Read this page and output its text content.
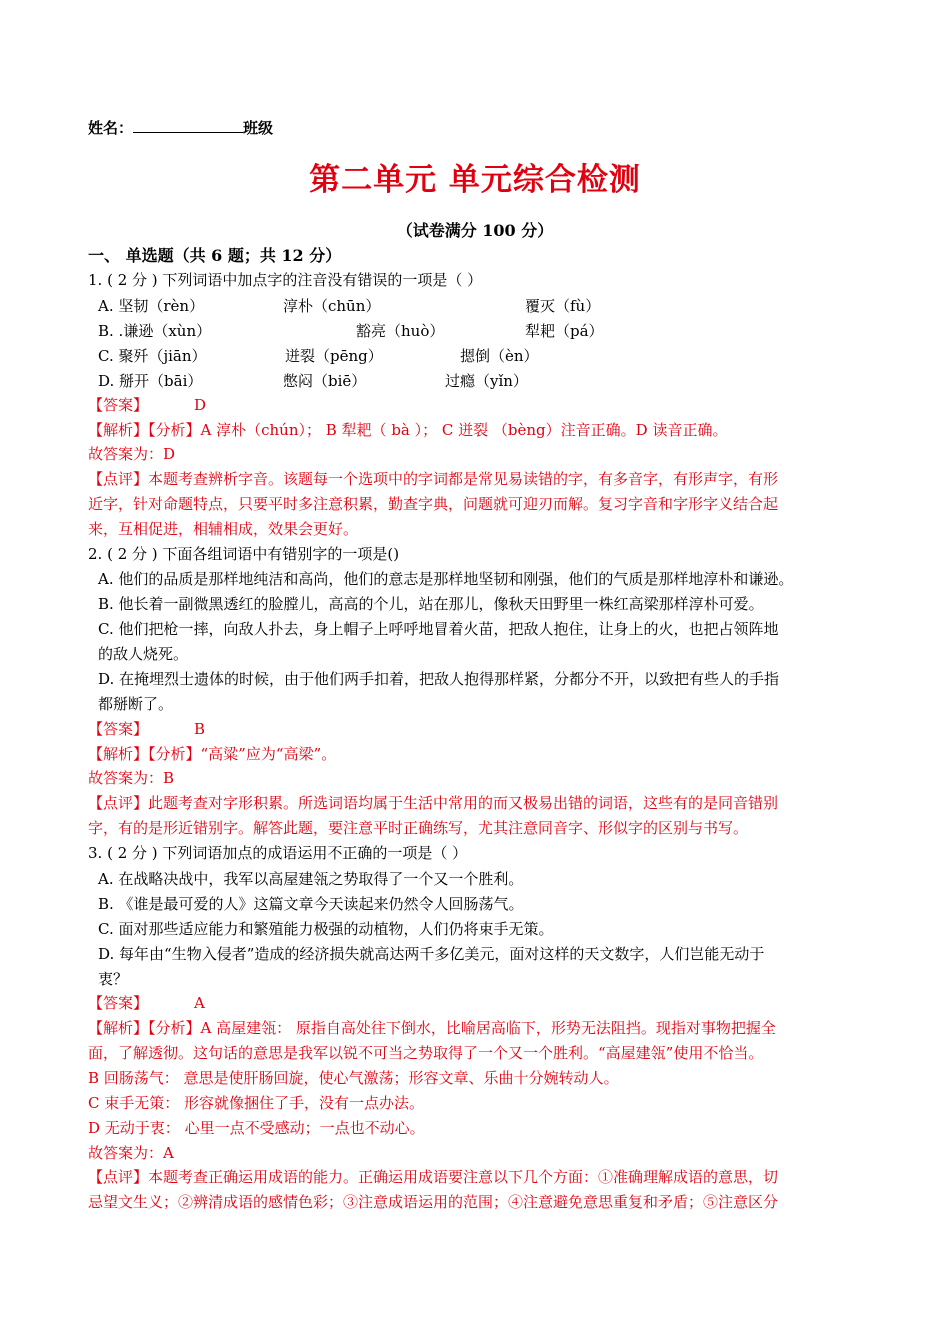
姓名：	班级
第二单元 单元综合检测
（试卷满分 100 分）
一、 单选题（共 6 题；共 12 分）
1. ( 2 分 ) 下列词语中加点字的注音没有错误的一项是（ ）
A. 坚韧（rèn）	淳朴（chūn）	覆灭（fù）
B. .谦逊（xùn）	豁亮（huò）	犁耙（pá）
C. 聚歼（jiān）	迸裂（pēng）	摁倒（èn）
D. 掰开（bāi）	憋闷（biē）	过瘾（yǐn）
【答案】	D
【解析】【分析】A 淳朴（chún）； B 犁耙（ bà ）； C 迸裂 （bèng）注音正确。D 读音正确。
故答案为：D
【点评】本题考查辨析字音。该题每一个选项中的字词都是常见易读错的字，有多音字，有形声字，有形
近字，针对命题特点，只要平时多注意积累，勤查字典，问题就可迎刃而解。复习字音和字形字义结合起
来，互相促进，相辅相成，效果会更好。
2. ( 2 分 ) 下面各组词语中有错别字的一项是()
A. 他们的品质是那样地纯洁和高尚，他们的意志是那样地坚韧和刚强，他们的气质是那样地淳朴和谦逊。
B. 他长着一副微黑透红的脸膛儿，高高的个儿，站在那儿，像秋天田野里一株红高梁那样淳朴可爱。
C. 他们把枪一摔，向敌人扑去，身上帽子上呼呼地冒着火苗，把敌人抱住，让身上的火，也把占领阵地
的敌人烧死。
D. 在掩埋烈士遗体的时候，由于他们两手扣着，把敌人抱得那样紧，分都分不开，以致把有些人的手指
都掰断了。
【答案】	B
【解析】【分析】“高粱”应为“高梁”。
故答案为：B
【点评】此题考查对字形积累。所选词语均属于生活中常用的而又极易出错的词语，这些有的是同音错别
字，有的是形近错别字。解答此题，要注意平时正确练写，尤其注意同音字、形似字的区别与书写。
3. ( 2 分 ) 下列词语加点的成语运用不正确的一项是（ ）
A. 在战略决战中，我军以高屋建瓴之势取得了一个又一个胜利。
B. 《谁是最可爱的人》这篇文章今天读起来仍然令人回肠荡气。
C. 面对那些适应能力和繁殖能力极强的动植物，人们仍将束手无策。
D. 每年由“生物入侵者”造成的经济损失就高达两千多亿美元，面对这样的天文数字，人们岂能无动于
衷？
【答案】	A
【解析】【分析】A 高屋建瓴： 原指自高处往下倒水，比喻居高临下，形势无法阻挡。现指对事物把握全
面，了解透彻。这句话的意思是我军以锐不可当之势取得了一个又一个胜利。“高屋建瓴”使用不恰当。
B 回肠荡气： 意思是使肝肠回旋，使心气激荡；形容文章、乐曲十分婉转动人。
C 束手无策： 形容就像捆住了手，没有一点办法。
D 无动于衷： 心里一点不受感动；一点也不动心。
故答案为：A
【点评】本题考查正确运用成语的能力。正确运用成语要注意以下几个方面：①准确理解成语的意思，切
忌望文生义；②辨清成语的感情色彩；③注意成语运用的范围；④注意避免意思重复和矛盾；⑤注意区分
